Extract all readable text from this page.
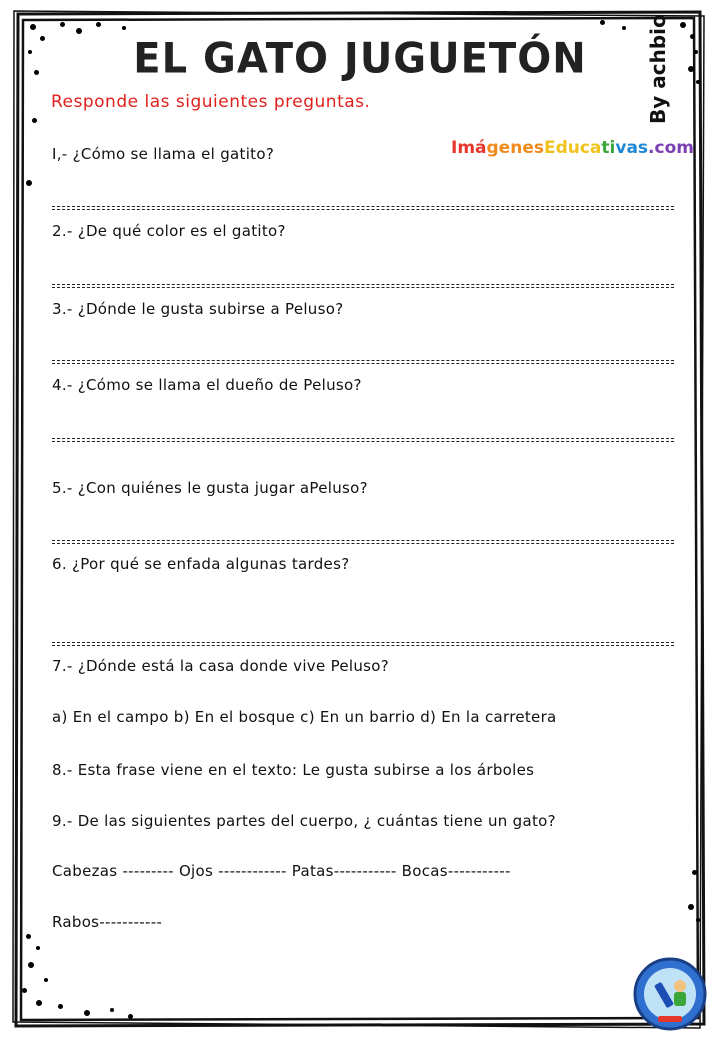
EL GATO JUGUETÓN	By achbio
Responde las siguientes preguntas.
ImágenesEducativas.com
I,- ¿Cómo se llama el gatito?
2.- ¿De qué color es el gatito?
3.- ¿Dónde le gusta subirse a Peluso?
4.- ¿Cómo se llama el dueño de Peluso?
5.- ¿Con quiénes le gusta jugar aPeluso?
6. ¿Por qué se enfada algunas tardes?
7.- ¿Dónde está la casa donde vive Peluso?
a) En el campo b) En el bosque c) En un barrio d) En la carretera
8.- Esta frase viene en el texto: Le gusta subirse a los árboles
9.- De las siguientes partes del cuerpo, ¿ cuántas tiene un gato?
Cabezas --------- Ojos ------------ Patas----------- Bocas-----------
Rabos-----------
